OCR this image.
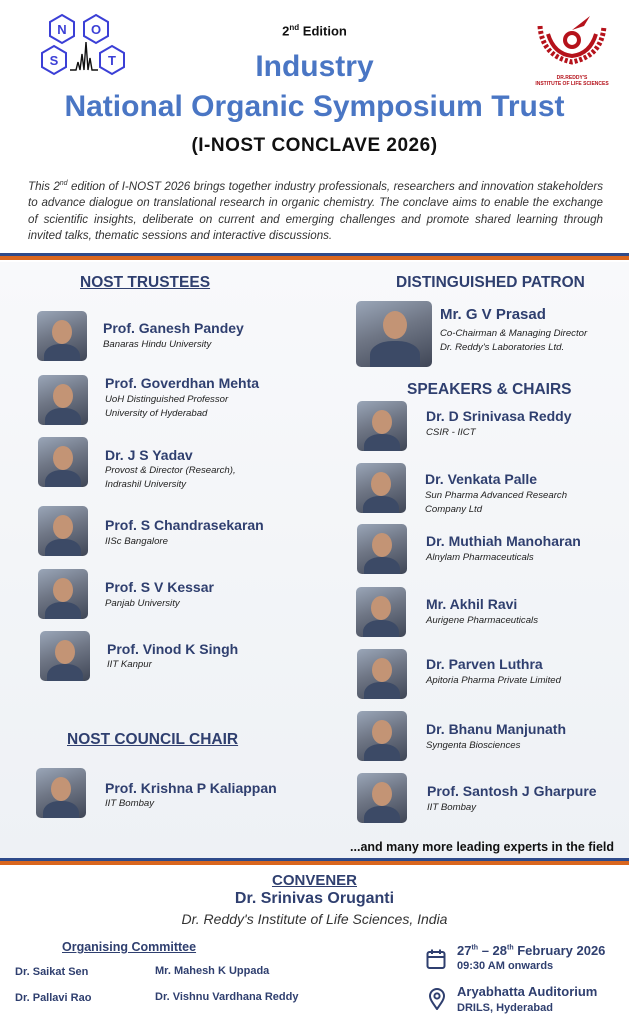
N O
S	T
DR.REDDY'S
INSTITUTE OF LIFE SCIENCES
2nd Edition
Industry
National Organic Symposium Trust
(I-NOST CONCLAVE 2026)
This 2nd edition of I-NOST 2026 brings together industry professionals, researchers and innovation stakeholders to advance dialogue on translational research in organic chemistry. The conclave aims to enable the exchange of scientific insights, deliberate on current and emerging challenges and promote shared learning through invited talks, thematic sessions and interactive discussions.
NOST TRUSTEES
Prof. Ganesh Pandey
Banaras Hindu University
Prof. Goverdhan Mehta
UoH Distinguished Professor
University of Hyderabad
Dr. J S Yadav
Provost & Director (Research),
Indrashil University
Prof. S Chandrasekaran
IISc Bangalore
Prof. S V Kessar
Panjab University
Prof. Vinod K Singh
IIT Kanpur
NOST COUNCIL CHAIR
Prof. Krishna P Kaliappan
IIT Bombay
DISTINGUISHED PATRON
Mr. G V Prasad
Co-Chairman & Managing Director
Dr. Reddy's Laboratories Ltd.
SPEAKERS & CHAIRS
Dr. D Srinivasa Reddy
CSIR - IICT
Dr. Venkata Palle
Sun Pharma Advanced Research
Company Ltd
Dr. Muthiah Manoharan
Alnylam Pharmaceuticals
Mr. Akhil Ravi
Aurigene Pharmaceuticals
Dr. Parven Luthra
Apitoria Pharma Private Limited
Dr. Bhanu Manjunath
Syngenta Biosciences
Prof. Santosh J Gharpure
IIT Bombay
...and many more leading experts in the field
CONVENER
Dr. Srinivas Oruganti
Dr. Reddy's Institute of Life Sciences, India
Organising Committee
Dr. Saikat Sen	Mr. Mahesh K Uppada
Dr. Pallavi Rao	Dr. Vishnu Vardhana Reddy
27th – 28th February 2026
09:30 AM onwards
Aryabhatta Auditorium
DRILS, Hyderabad
